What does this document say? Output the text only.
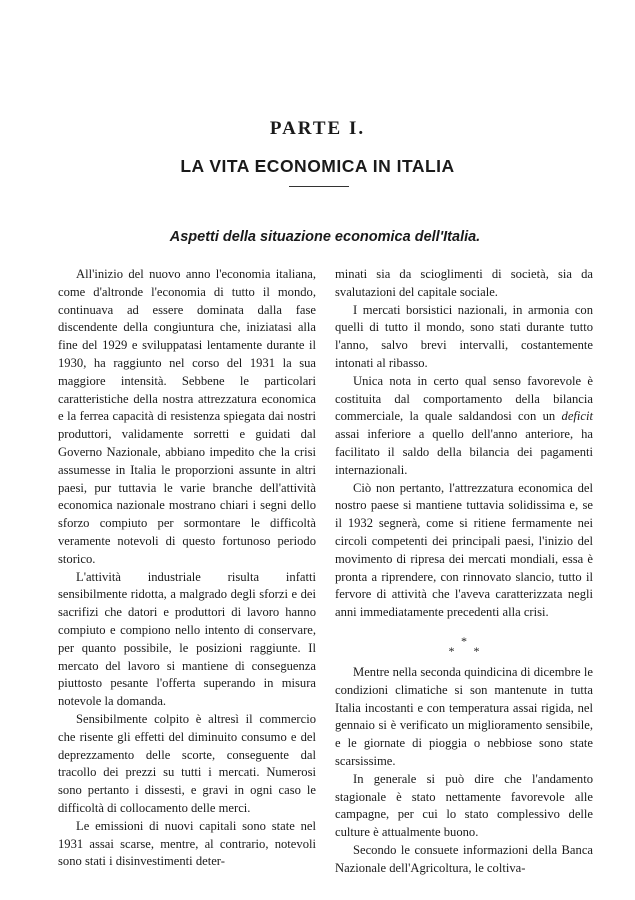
PARTE I.
LA VITA ECONOMICA IN ITALIA
Aspetti della situazione economica dell'Italia.

All'inizio del nuovo anno l'economia italiana, come d'altronde l'economia di tutto il mondo, continuava ad essere dominata dalla fase discendente della congiuntura che, iniziatasi alla fine del 1929 e sviluppatasi lentamente durante il 1930, ha raggiunto nel corso del 1931 la sua maggiore intensità. Sebbene le particolari caratteristiche della nostra attrezzatura economica e la ferrea capacità di resistenza spiegata dai nostri produttori, validamente sorretti e guidati dal Governo Nazionale, abbiano impedito che la crisi assumesse in Italia le proporzioni assunte in altri paesi, pur tuttavia le varie branche dell'attività economica nazionale mostrano chiari i segni dello sforzo compiuto per sormontare le difficoltà veramente notevoli di questo fortunoso periodo storico.

L'attività industriale risulta infatti sensibilmente ridotta, a malgrado degli sforzi e dei sacrifizi che datori e produttori di lavoro hanno compiuto e compiono nello intento di conservare, per quanto possibile, le posizioni raggiunte. Il mercato del lavoro si mantiene di conseguenza piuttosto pesante l'offerta superando in misura notevole la domanda.

Sensibilmente colpito è altresì il commercio che risente gli effetti del diminuito consumo e del deprezzamento delle scorte, conseguente dal tracollo dei prezzi su tutti i mercati. Numerosi sono pertanto i dissesti, e gravi in ogni caso le difficoltà di collocamento delle merci.

Le emissioni di nuovi capitali sono state nel 1931 assai scarse, mentre, al contrario, notevoli sono stati i disinvestimenti deter-

minati sia da scioglimenti di società, sia da svalutazioni del capitale sociale.

I mercati borsistici nazionali, in armonia con quelli di tutto il mondo, sono stati durante tutto l'anno, salvo brevi intervalli, costantemente intonati al ribasso.

Unica nota in certo qual senso favorevole è costituita dal comportamento della bilancia commerciale, la quale saldandosi con un deficit assai inferiore a quello dell'anno anteriore, ha facilitato il saldo della bilancia dei pagamenti internazionali.

Ciò non pertanto, l'attrezzatura economica del nostro paese si mantiene tuttavia solidissima e, se il 1932 segnerà, come si ritiene fermamente nei circoli competenti dei principali paesi, l'inizio del movimento di ripresa dei mercati mondiali, essa è pronta a riprendere, con rinnovato slancio, tutto il fervore di attività che l'aveva caratterizzata negli anni immediatamente precedenti alla crisi.

*
* *

Mentre nella seconda quindicina di dicembre le condizioni climatiche si son mantenute in tutta Italia incostanti e con temperatura assai rigida, nel gennaio si è verificato un miglioramento sensibile, e le giornate di pioggia o nebbiose sono state scarsissime.

In generale si può dire che l'andamento stagionale è stato nettamente favorevole alle campagne, per cui lo stato complessivo delle culture è attualmente buono.

Secondo le consuete informazioni della Banca Nazionale dell'Agricoltura, le coltiva-
